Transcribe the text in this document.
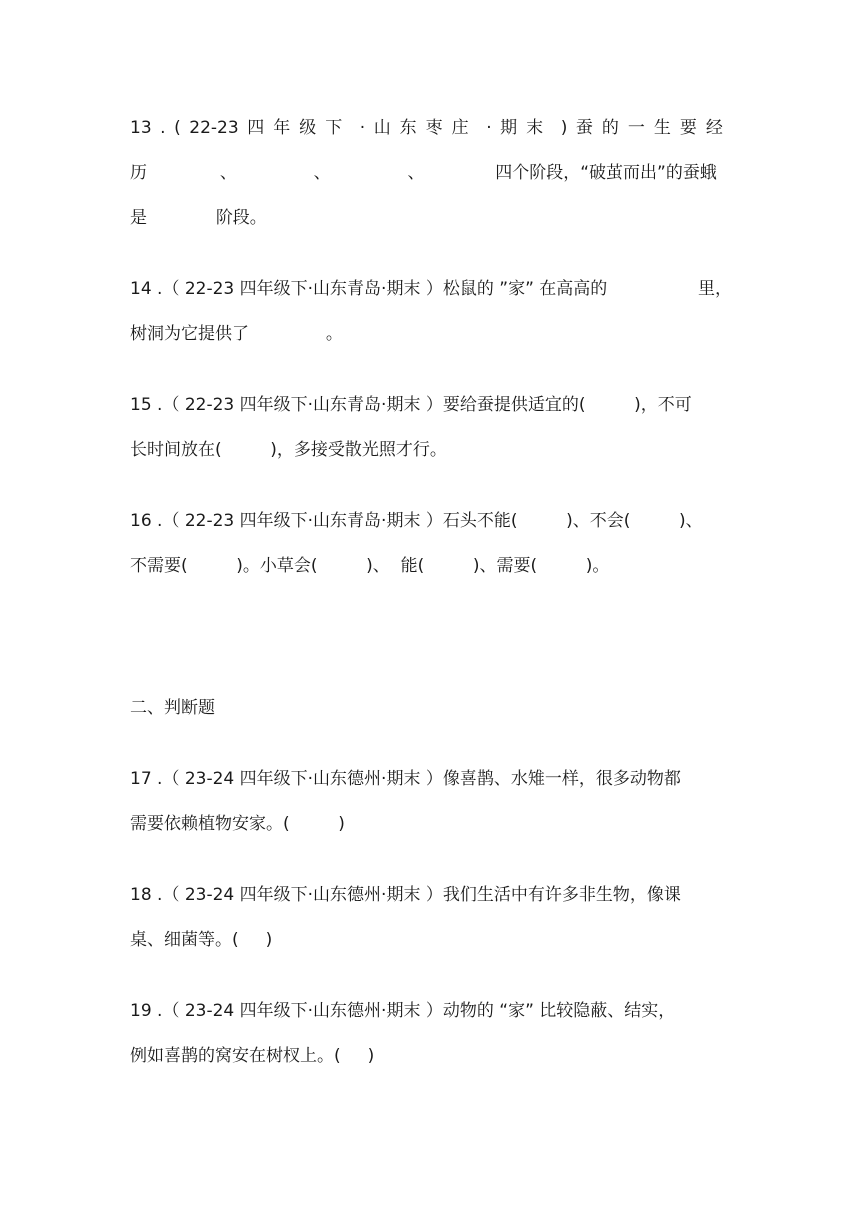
13 . ( 22-23 四年级下 · 山东枣庄 · 期末 ) 蚕的一生要经
历	、	、	、	四个阶段，“破茧而出”的蚕蛾
是	阶段。
14 .（ 22-23 四年级下·山东青岛·期末 ）松鼠的 ”家” 在高高的	里，
树洞为它提供了	。
15 .（ 22-23 四年级下·山东青岛·期末 ）要给蚕提供适宜的(         )，不可
长时间放在(         )，多接受散光照才行。
16 .（ 22-23 四年级下·山东青岛·期末 ）石头不能(         )、不会(         )、
不需要(         )。小草会(         )、  能(         )、需要(         )。
二、判断题
17 .（ 23-24 四年级下·山东德州·期末 ）像喜鹊、水雉一样，很多动物都
需要依赖植物安家。(         )
18 .（ 23-24 四年级下·山东德州·期末 ）我们生活中有许多非生物，像课
桌、细菌等。(     )
19 .（ 23-24 四年级下·山东德州·期末 ）动物的 “家” 比较隐蔽、结实，
例如喜鹊的窝安在树杈上。(     )
